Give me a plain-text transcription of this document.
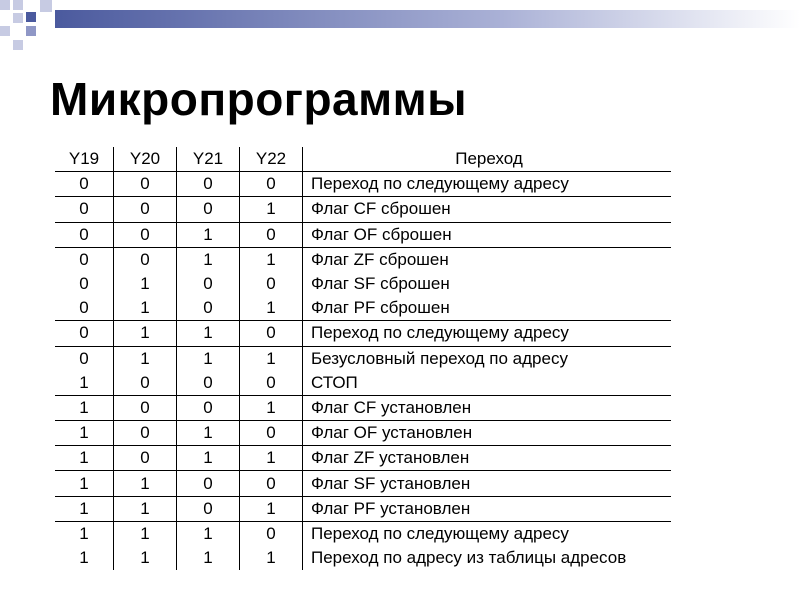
Микропрограммы
Y19	Y20	Y21	Y22	Переход
0	0	0	0	Переход по следующему адресу
0	0	0	1	Флаг CF сброшен
0	0	1	0	Флаг OF сброшен
0	0	1	1	Флаг ZF сброшен
0	1	0	0	Флаг SF сброшен
0	1	0	1	Флаг PF сброшен
0	1	1	0	Переход по следующему адресу
0	1	1	1	Безусловный переход по адресу
1	0	0	0	СТОП
1	0	0	1	Флаг CF установлен
1	0	1	0	Флаг OF установлен
1	0	1	1	Флаг ZF установлен
1	1	0	0	Флаг SF установлен
1	1	0	1	Флаг PF установлен
1	1	1	0	Переход по следующему адресу
1	1	1	1	Переход по адресу из таблицы адресов
